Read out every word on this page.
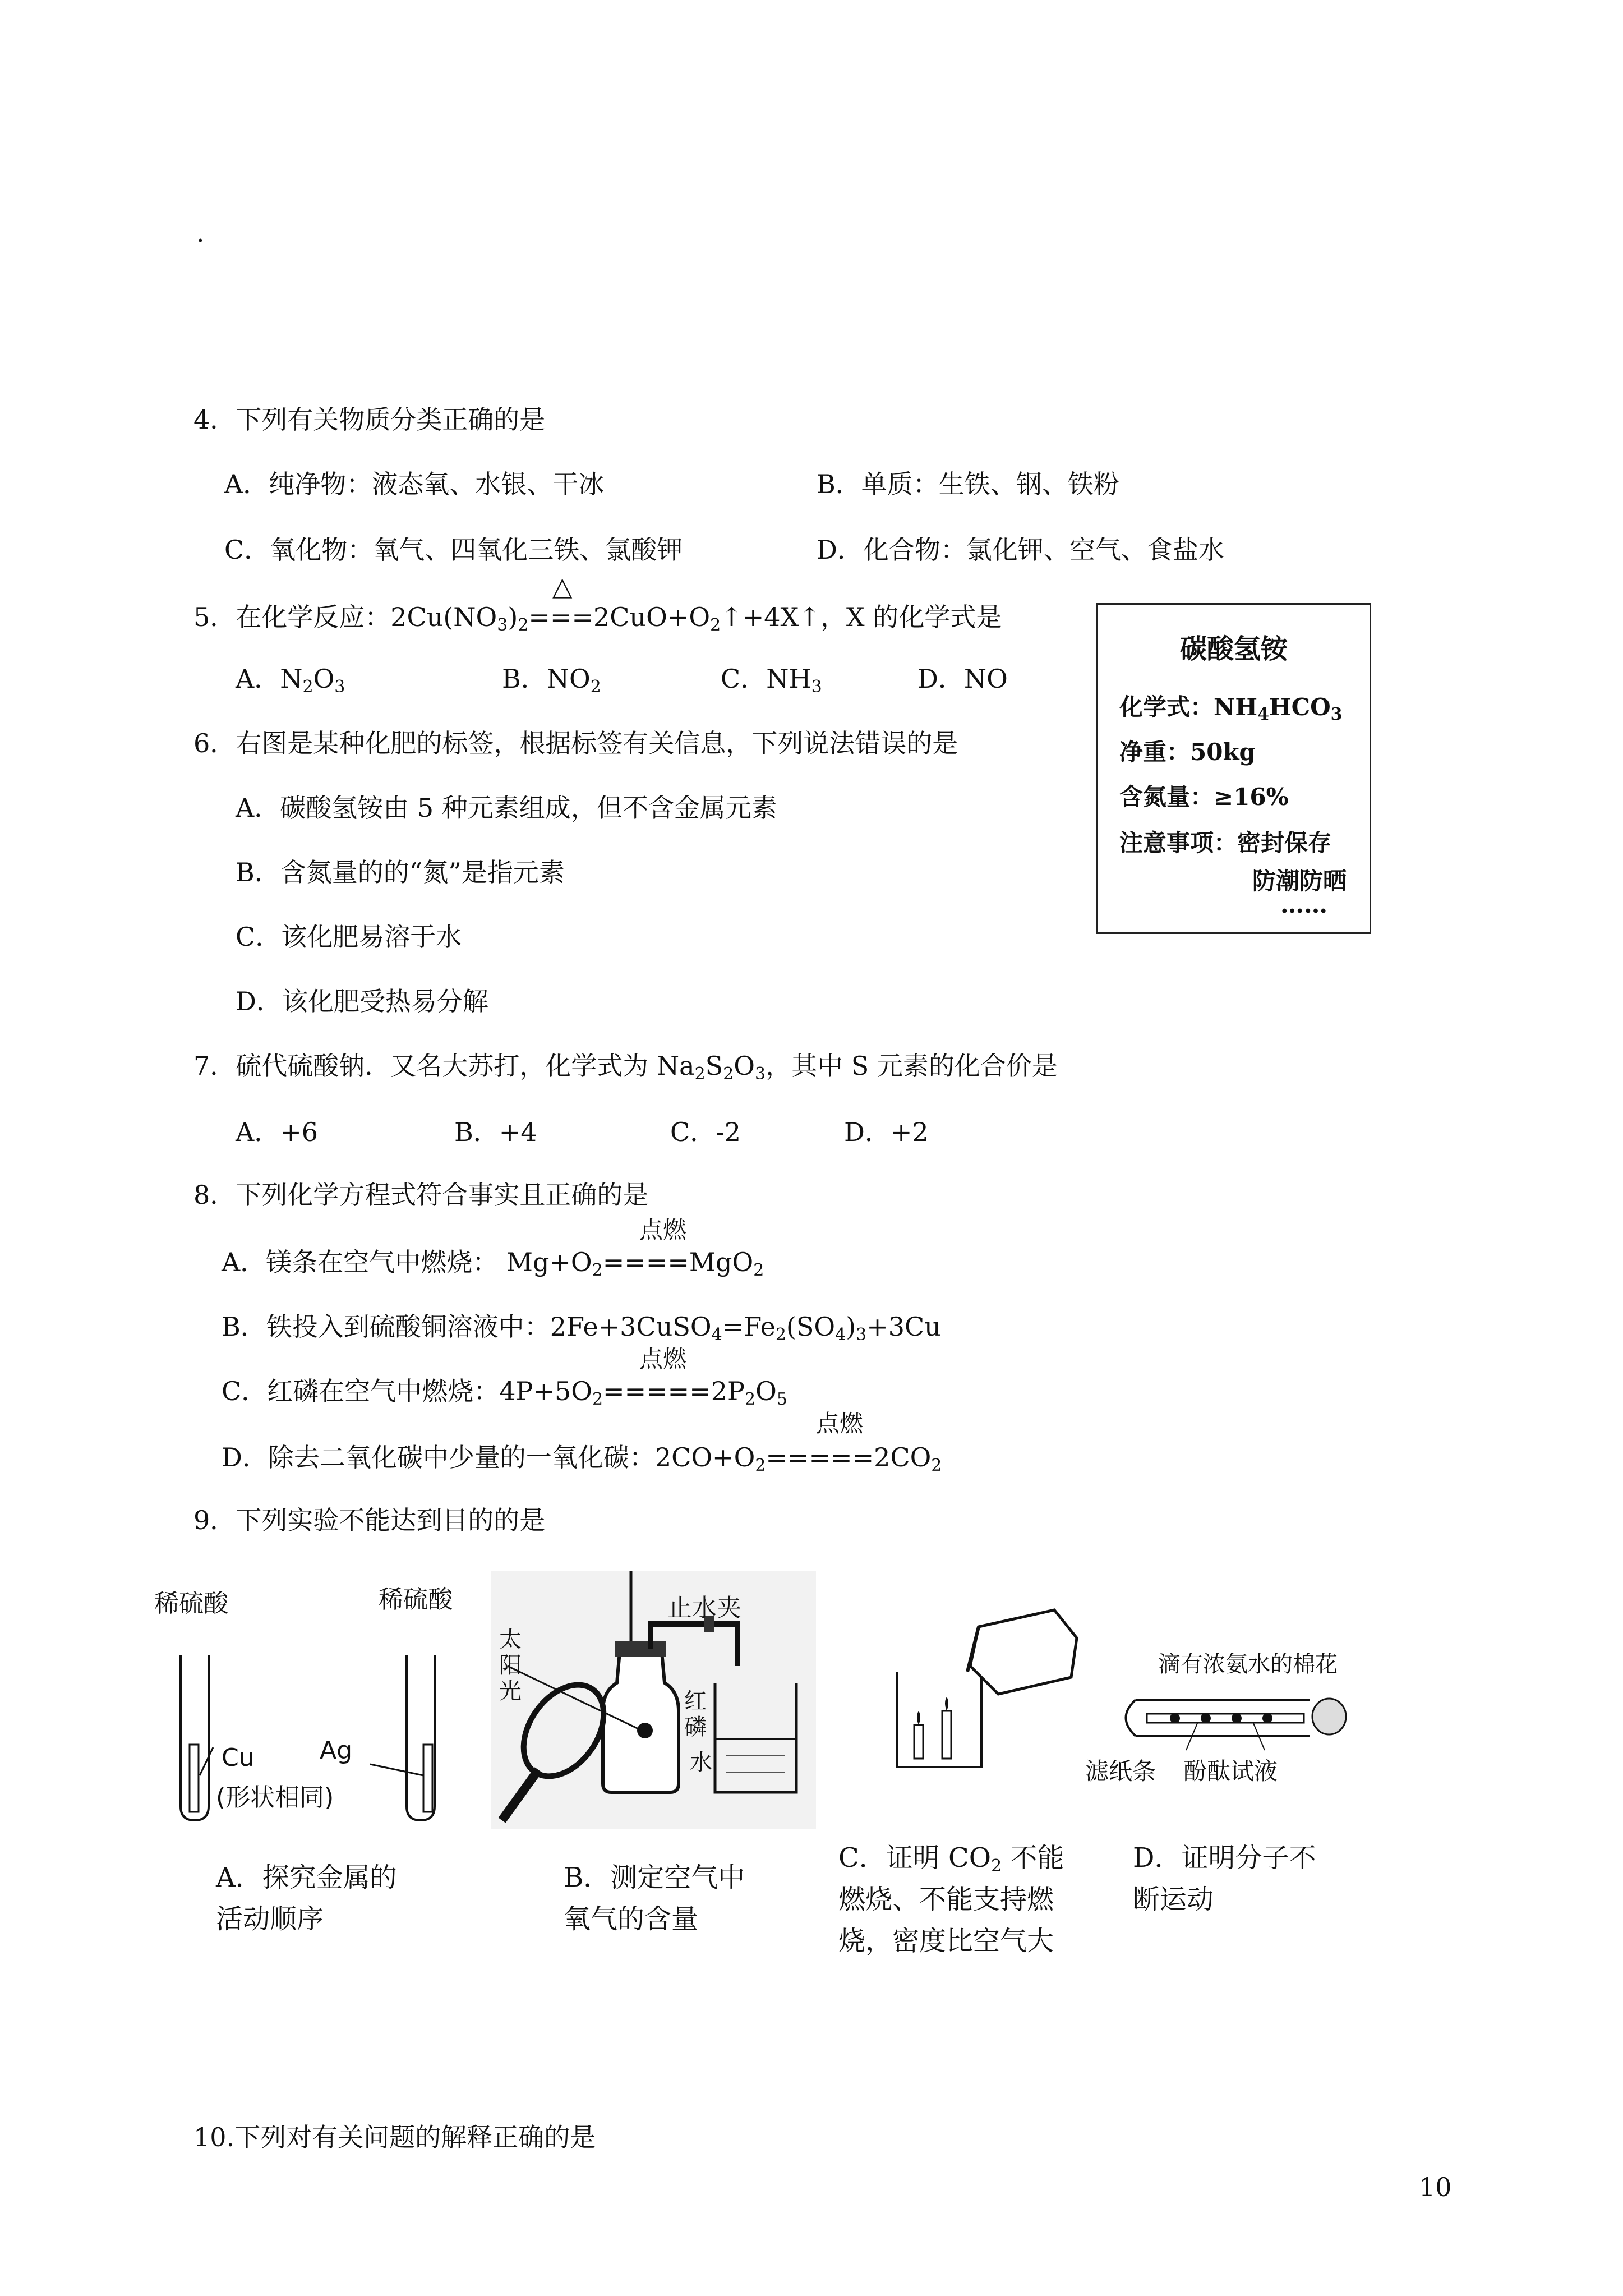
.
4．下列有关物质分类正确的是
A．纯净物：液态氧、水银、干冰	B．单质：生铁、钢、铁粉
C．氧化物：氧气、四氧化三铁、氯酸钾	D．化合物：氯化钾、空气、食盐水
△
5．在化学反应：$2Cu(NO_3)_2===2CuO+O_2↑+4X↑$，X 的化学式是
A．$N_2O_3$	B．$NO_2$	C．$NH_3$	D．NO
碳酸氢铵
化学式：$NH_4HCO_3$
净重：50kg
含氮量：≥16%
注意事项：密封保存
防潮防晒
……
6．右图是某种化肥的标签，根据标签有关信息，下列说法错误的是
A．碳酸氢铵由 5 种元素组成，但不含金属元素
B．含氮量的的“氮”是指元素
C．该化肥易溶于水
D．该化肥受热易分解
7．硫代硫酸钠．又名大苏打，化学式为 $Na_2S_2O_3$，其中 S 元素的化合价是
A．+6	B．+4	C．-2	D．+2
8．下列化学方程式符合事实且正确的是
点燃
A．镁条在空气中燃烧： $Mg+O_2====MgO_2$
B．铁投入到硫酸铜溶液中：$2Fe+3CuSO_4=Fe_2(SO_4)_3+3Cu$
点燃
C．红磷在空气中燃烧：$4P+5O_2=====2P_2O_5$
点燃
D．除去二氧化碳中少量的一氧化碳：$2CO+O_2=====2CO_2$
9．下列实验不能达到目的的是
稀硫酸	稀硫酸
Cu	Ag
(形状相同)
止水夹
太阳光	红磷
水
滴有浓氨水的棉花
滤纸条 酚酞试液
A．探究金属的
活动顺序
B．测定空气中
氧气的含量
C．证明 $CO_2$ 不能
燃烧、不能支持燃
烧，密度比空气大
D．证明分子不
断运动
10.下列对有关问题的解释正确的是
10
